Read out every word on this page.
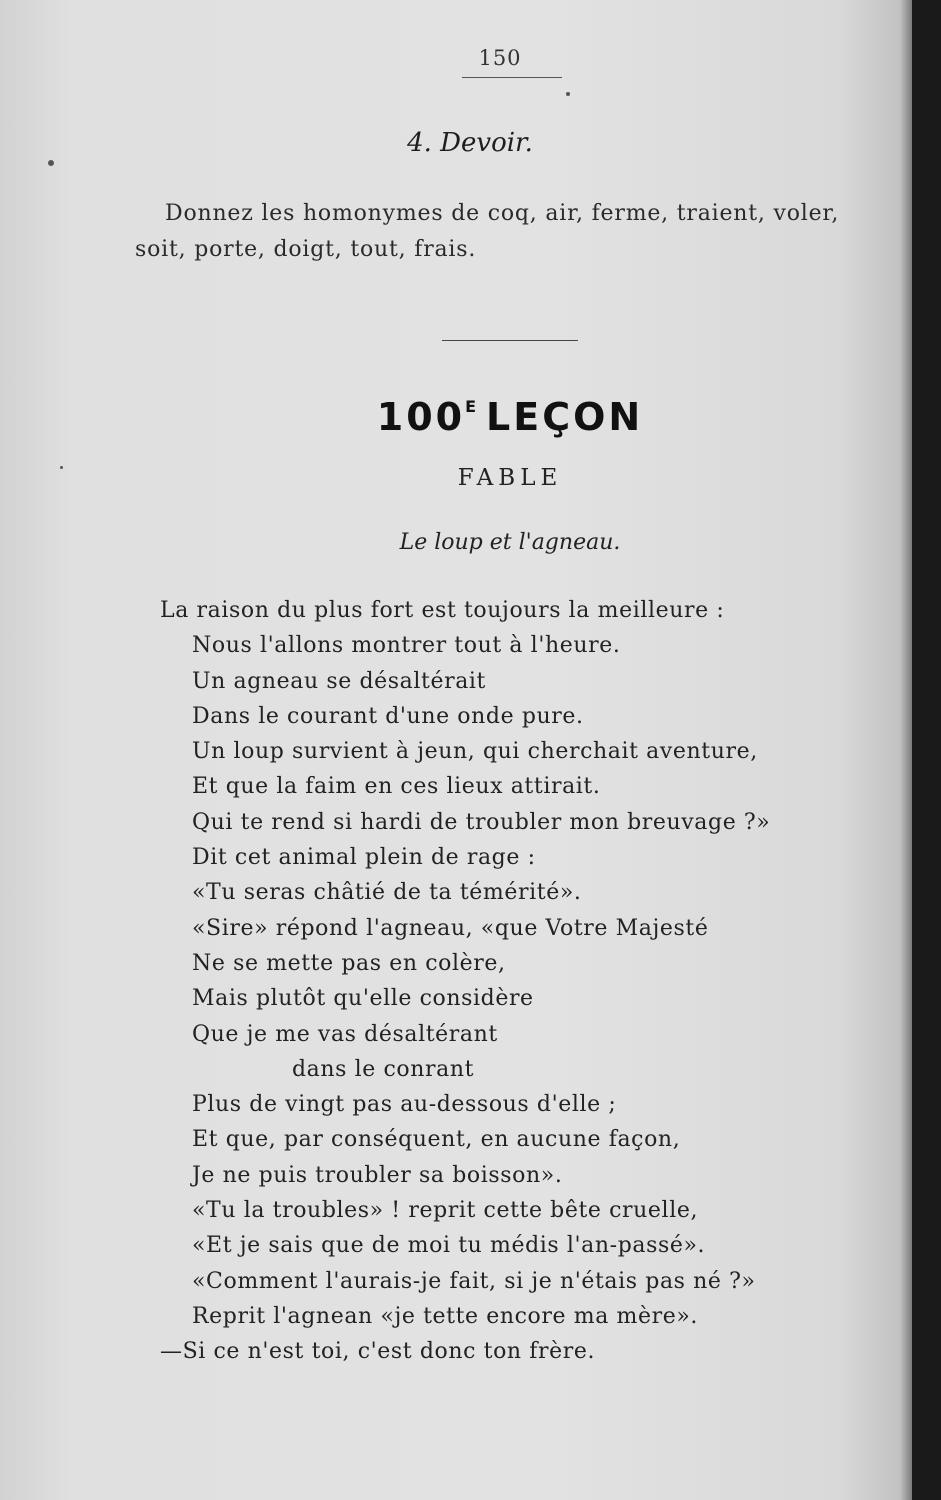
150
4. Devoir.
Donnez les homonymes de coq, air, ferme, traient, voler,
soit, porte, doigt, tout, frais.
$100^E$ LEÇON
FABLE
Le loup et l'agneau.
La raison du plus fort est toujours la meilleure :
Nous l'allons montrer tout à l'heure.
Un agneau se désaltérait
Dans le courant d'une onde pure.
Un loup survient à jeun, qui cherchait aventure,
Et que la faim en ces lieux attirait.
Qui te rend si hardi de troubler mon breuvage ?»
Dit cet animal plein de rage :
«Tu seras châtié de ta témérité».
«Sire» répond l'agneau, «que Votre Majesté
Ne se mette pas en colère,
Mais plutôt qu'elle considère
Que je me vas désaltérant
dans le conrant
Plus de vingt pas au-dessous d'elle ;
Et que, par conséquent, en aucune façon,
Je ne puis troubler sa boisson».
«Tu la troubles» ! reprit cette bête cruelle,
«Et je sais que de moi tu médis l'an-passé».
«Comment l'aurais-je fait, si je n'étais pas né ?»
Reprit l'agnean «je tette encore ma mère».
—Si ce n'est toi, c'est donc ton frère.
